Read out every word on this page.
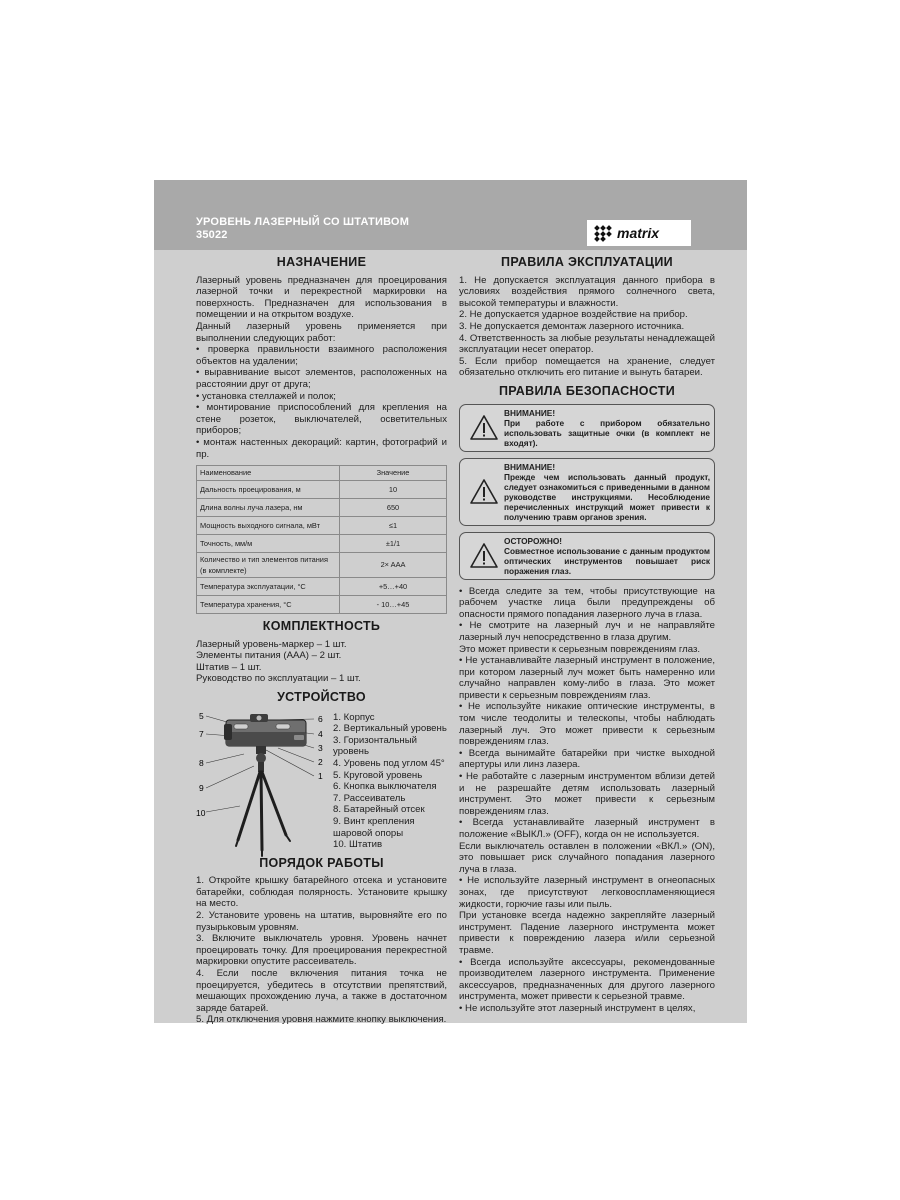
УРОВЕНЬ ЛАЗЕРНЫЙ СО ШТАТИВОМ
35022	matrix
НАЗНАЧЕНИЕ

Лазерный уровень предназначен для проецирования лазерной точки и перекрестной маркировки на поверхность. Предназначен для использования в помещении и на открытом воздухе.

Данный лазерный уровень применяется при выполнении следующих работ:

• проверка правильности взаимного расположения объектов на удалении;

• выравнивание высот элементов, расположенных на расстоянии друг от друга;

• установка стеллажей и полок;

• монтирование приспособлений для крепления на стене розеток, выключателей, осветительных приборов;

• монтаж настенных декораций: картин, фотографий и пр.

Наименование	Значение
Дальность проецирования, м	10
Длина волны луча лазера, нм	650
Мощность выходного сигнала, мВт	≤1
Точность, мм/м	±1/1
Количество и тип элементов питания (в комплекте)	2× AAA
Температура эксплуатации, °С	+5…+40
Температура хранения, °С	- 10…+45
КОМПЛЕКТНОСТЬ

Лазерный уровень-маркер – 1 шт.

Элементы питания (AAA) – 2 шт.

Штатив – 1 шт.

Руководство по эксплуатации – 1 шт.

УСТРОЙСТВО
5	6
7	4
3
2
8
1
9
10

1. Корпус

2. Вертикальный уровень

3. Горизонтальный уровень

4. Уровень под углом 45°

5. Круговой уровень

6. Кнопка выключателя

7. Рассеиватель

8. Батарейный отсек

9. Винт крепления шаровой опоры

10. Штатив

ПОРЯДОК РАБОТЫ

1. Откройте крышку батарейного отсека и установите батарейки, соблюдая полярность. Установите крышку на место.

2. Установите уровень на штатив, выровняйте его по пузырьковым уровням.

3. Включите выключатель уровня. Уровень начнет проецировать точку. Для проецирования перекрестной маркировки опустите рассеиватель.

4. Если после включения питания точка не проецируется, убедитесь в отсутствии препятствий, мешающих прохождению луча, а также в достаточном заряде батарей.

5. Для отключения уровня нажмите кнопку выключения.

ПРАВИЛА ЭКСПЛУАТАЦИИ

1. Не допускается эксплуатация данного прибора в условиях воздействия прямого солнечного света, высокой температуры и влажности.

2. Не допускается ударное воздействие на прибор.

3. Не допускается демонтаж лазерного источника.

4. Ответственность за любые результаты ненадлежащей эксплуатации несет оператор.

5. Если прибор помещается на хранение, следует обязательно отключить его питание и вынуть батареи.

ПРАВИЛА БЕЗОПАСНОСТИ
ВНИМАНИЕ!
При работе с прибором обязательно использовать защитные очки (в комплект не входят).
ВНИМАНИЕ!
Прежде чем использовать данный продукт, следует ознакомиться с приведенными в данном руководстве инструкциями. Несоблюдение перечисленных инструкций может привести к получению травм органов зрения.
ОСТОРОЖНО!
Совместное использование с данным продуктом оптических инструментов повышает риск поражения глаз.

• Всегда следите за тем, чтобы присутствующие на рабочем участке лица были предупреждены об опасности прямого попадания лазерного луча в глаза.

• Не смотрите на лазерный луч и не направляйте лазерный луч непосредственно в глаза другим.

Это может привести к серьезным повреждениям глаз.

• Не устанавливайте лазерный инструмент в положение, при котором лазерный луч может быть намеренно или случайно направлен кому-либо в глаза. Это может привести к серьезным повреждениям глаз.

• Не используйте никакие оптические инструменты, в том числе теодолиты и телескопы, чтобы наблюдать лазерный луч. Это может привести к серьезным повреждениям глаз.

• Всегда вынимайте батарейки при чистке выходной апертуры или линз лазера.

• Не работайте с лазерным инструментом вблизи детей и не разрешайте детям использовать лазерный инструмент. Это может привести к серьезным повреждениям глаз.

• Всегда устанавливайте лазерный инструмент в положение «ВЫКЛ.» (OFF), когда он не используется.

Если выключатель оставлен в положении «ВКЛ.» (ON), это повышает риск случайного попадания лазерного луча в глаза.

• Не используйте лазерный инструмент в огнеопасных зонах, где присутствуют легковоспламеняющиеся жидкости, горючие газы или пыль.

При установке всегда надежно закрепляйте лазерный инструмент. Падение лазерного инструмента может привести к повреждению лазера и/или серьезной травме.

• Всегда используйте аксессуары, рекомендованные производителем лазерного инструмента. Применение аксессуаров, предназначенных для другого лазерного инструмента, может привести к серьезной травме.

• Не используйте этот лазерный инструмент в целях,
